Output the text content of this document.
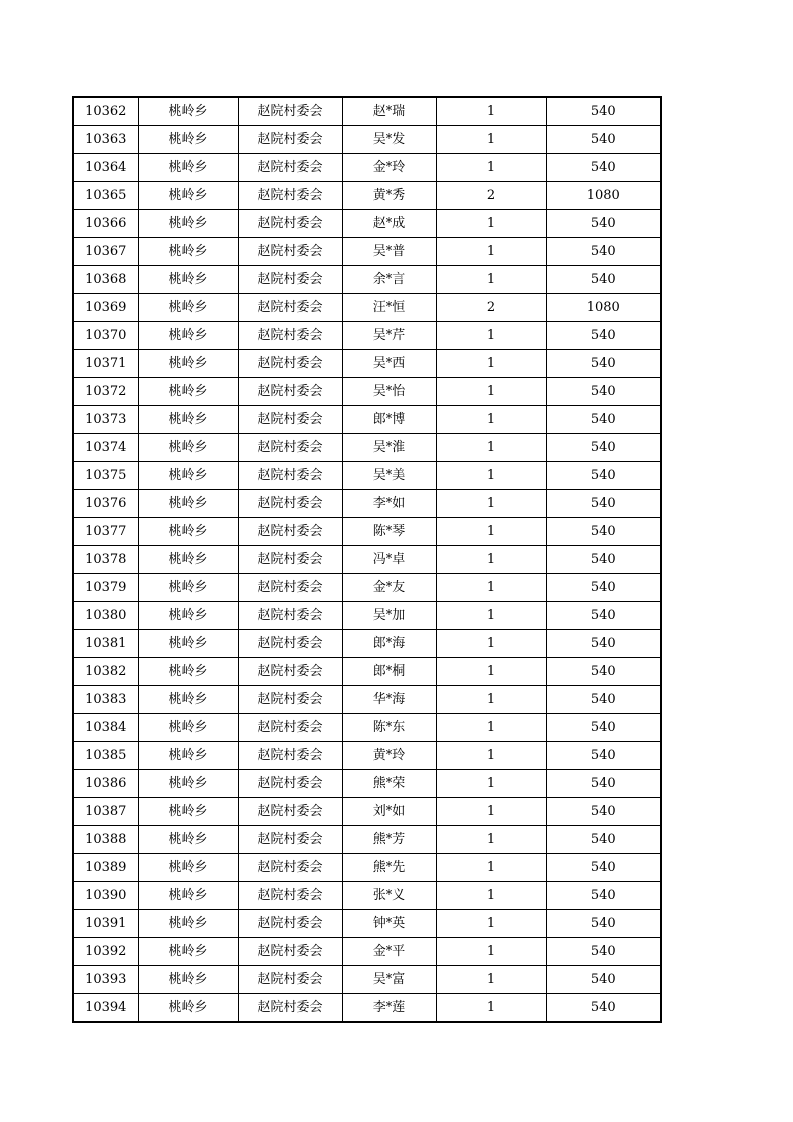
10362	桃岭乡	赵院村委会	赵*瑞	1	540
10363	桃岭乡	赵院村委会	吴*发	1	540
10364	桃岭乡	赵院村委会	金*玲	1	540
10365	桃岭乡	赵院村委会	黄*秀	2	1080
10366	桃岭乡	赵院村委会	赵*成	1	540
10367	桃岭乡	赵院村委会	吴*普	1	540
10368	桃岭乡	赵院村委会	余*言	1	540
10369	桃岭乡	赵院村委会	汪*恒	2	1080
10370	桃岭乡	赵院村委会	吴*芹	1	540
10371	桃岭乡	赵院村委会	吴*西	1	540
10372	桃岭乡	赵院村委会	吴*怡	1	540
10373	桃岭乡	赵院村委会	郎*博	1	540
10374	桃岭乡	赵院村委会	吴*淮	1	540
10375	桃岭乡	赵院村委会	吴*美	1	540
10376	桃岭乡	赵院村委会	李*如	1	540
10377	桃岭乡	赵院村委会	陈*琴	1	540
10378	桃岭乡	赵院村委会	冯*卓	1	540
10379	桃岭乡	赵院村委会	金*友	1	540
10380	桃岭乡	赵院村委会	吴*加	1	540
10381	桃岭乡	赵院村委会	郎*海	1	540
10382	桃岭乡	赵院村委会	郎*桐	1	540
10383	桃岭乡	赵院村委会	华*海	1	540
10384	桃岭乡	赵院村委会	陈*东	1	540
10385	桃岭乡	赵院村委会	黄*玲	1	540
10386	桃岭乡	赵院村委会	熊*荣	1	540
10387	桃岭乡	赵院村委会	刘*如	1	540
10388	桃岭乡	赵院村委会	熊*芳	1	540
10389	桃岭乡	赵院村委会	熊*先	1	540
10390	桃岭乡	赵院村委会	张*义	1	540
10391	桃岭乡	赵院村委会	钟*英	1	540
10392	桃岭乡	赵院村委会	金*平	1	540
10393	桃岭乡	赵院村委会	吴*富	1	540
10394	桃岭乡	赵院村委会	李*莲	1	540
